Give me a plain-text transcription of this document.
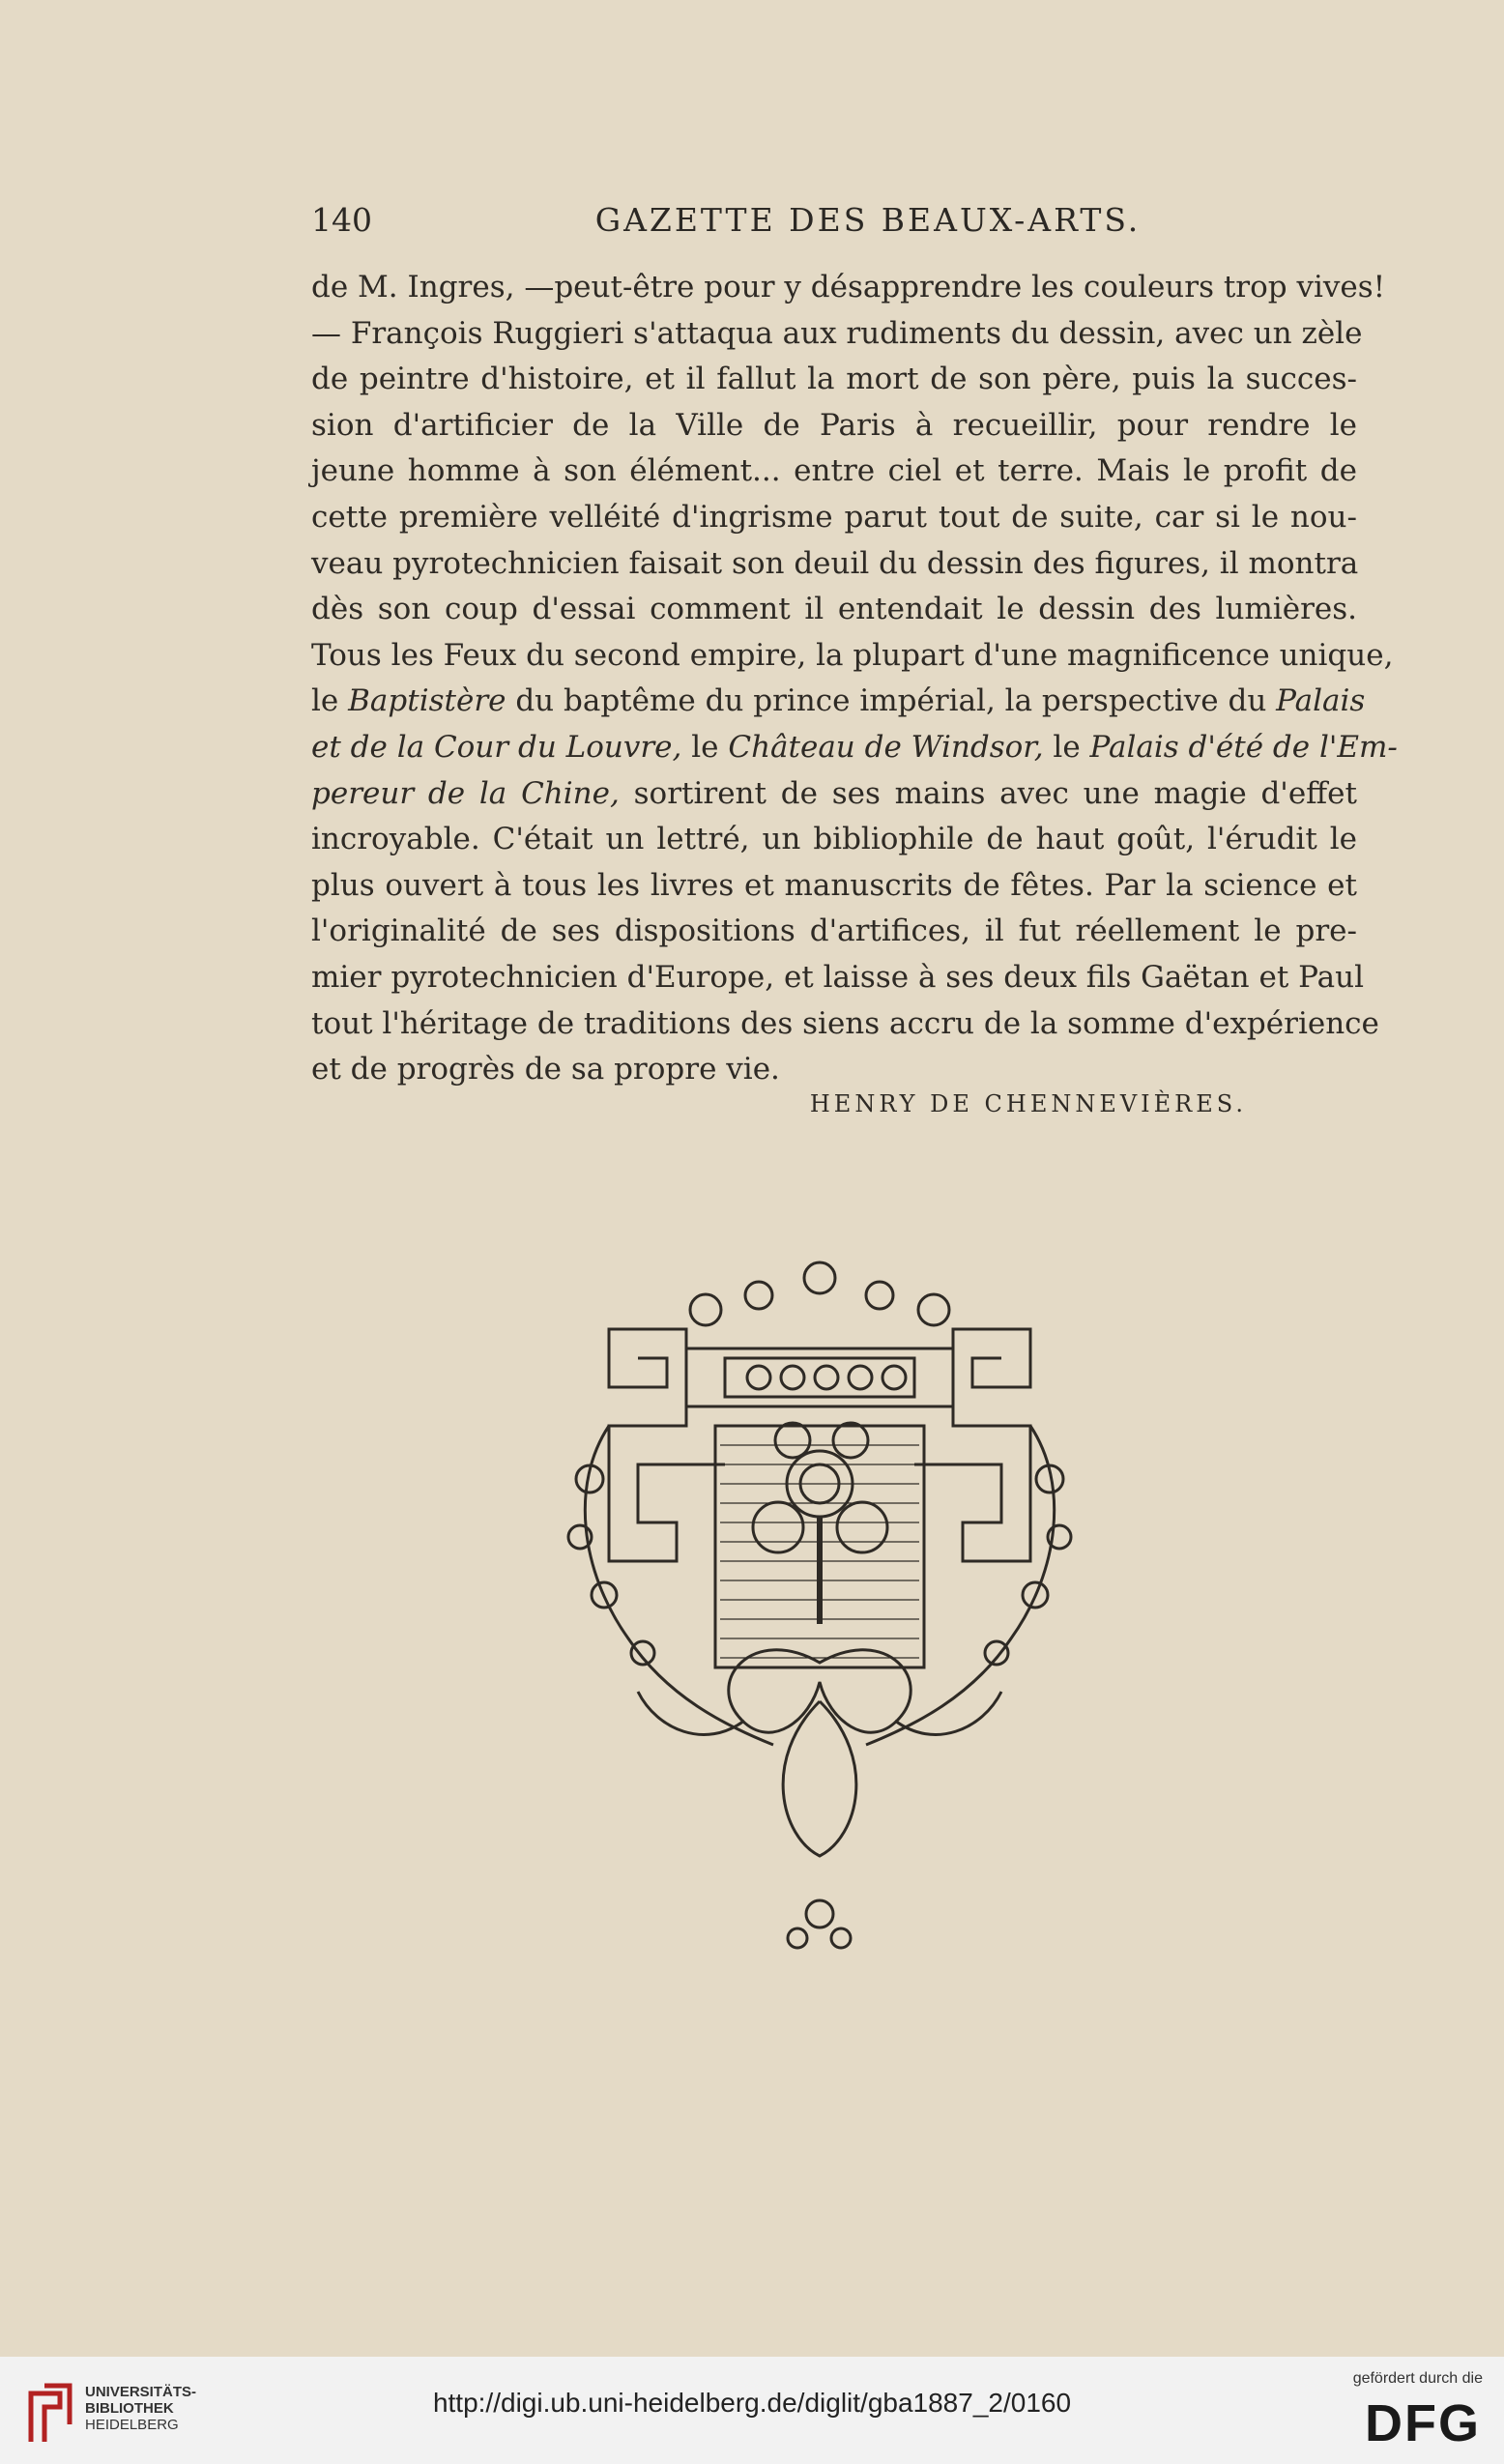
140	GAZETTE DES BEAUX-ARTS.
de M. Ingres, —peut-être pour y désapprendre les couleurs trop vives!
— François Ruggieri s'attaqua aux rudiments du dessin, avec un zèle
de peintre d'histoire, et il fallut la mort de son père, puis la succes-
sion d'artificier de la Ville de Paris à recueillir, pour rendre le
jeune homme à son élément... entre ciel et terre. Mais le profit de
cette première velléité d'ingrisme parut tout de suite, car si le nou-
veau pyrotechnicien faisait son deuil du dessin des figures, il montra
dès son coup d'essai comment il entendait le dessin des lumières.
Tous les Feux du second empire, la plupart d'une magnificence unique,
le Baptistère du baptême du prince impérial, la perspective du Palais
et de la Cour du Louvre, le Château de Windsor, le Palais d'été de l'Em-
pereur de la Chine, sortirent de ses mains avec une magie d'effet
incroyable. C'était un lettré, un bibliophile de haut goût, l'érudit le
plus ouvert à tous les livres et manuscrits de fêtes. Par la science et
l'originalité de ses dispositions d'artifices, il fut réellement le pre-
mier pyrotechnicien d'Europe, et laisse à ses deux fils Gaëtan et Paul
tout l'héritage de traditions des siens accru de la somme d'expérience
et de progrès de sa propre vie.
HENRY DE CHENNEVIÈRES.
UNIVERSITÄTS-
BIBLIOTHEK
HEIDELBERG
http://digi.ub.uni-heidelberg.de/diglit/gba1887_2/0160
gefördert durch die
DFG
